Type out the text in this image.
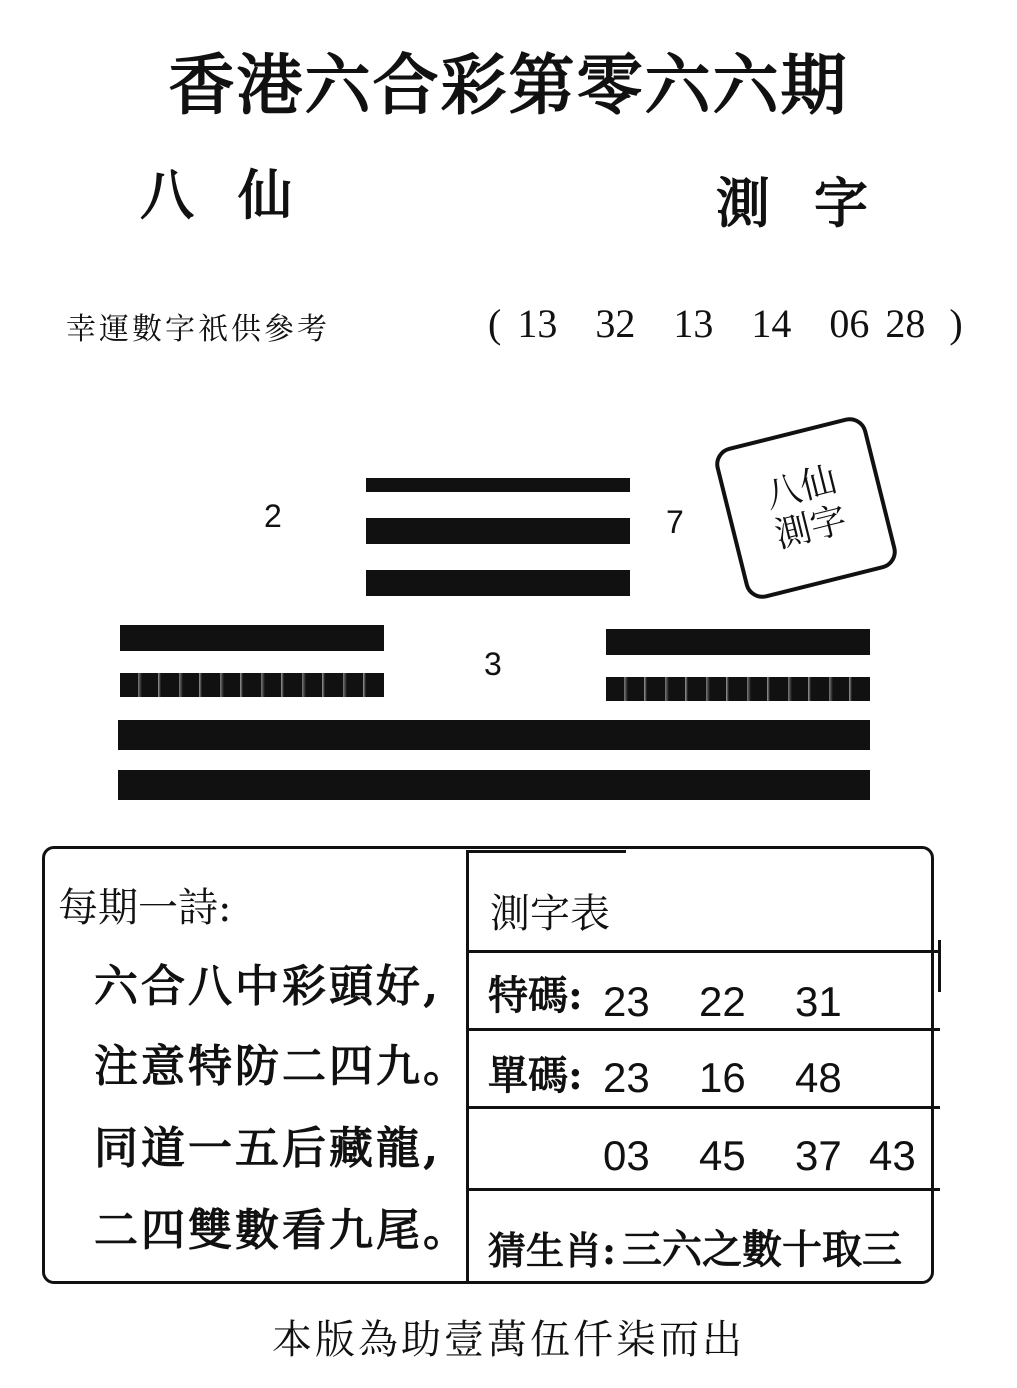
香港六合彩第零六六期
八仙	測字
幸運數字祇供參考	( 13 32 13 14 06 28 )
2	7
3
八仙
測字
每期一詩:
六合八中彩頭好,
注意特防二四九。
同道一五后藏龍,
二四雙數看九尾。
測字表
特碼: 23 22 31
單碼: 23 16 48
03 45 37 43
猜生肖: 三六之數十取三
本版為助壹萬伍仟柒而出
